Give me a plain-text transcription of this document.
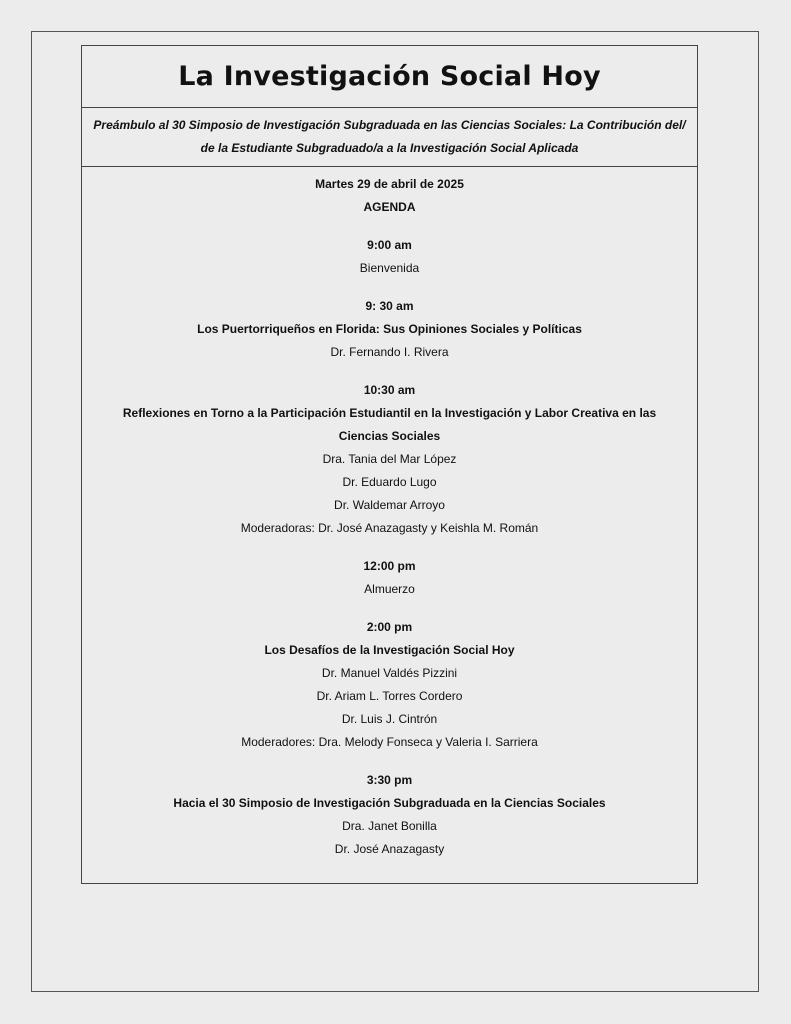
La Investigación Social Hoy

Preámbulo al 30 Simposio de Investigación Subgraduada en las Ciencias Sociales: La Contribución del/
de la Estudiante Subgraduado/a a la Investigación Social Aplicada

Martes 29 de abril de 2025

AGENDA

9:00 am

Bienvenida

9: 30 am

Los Puertorriqueños en Florida: Sus Opiniones Sociales y Políticas

Dr. Fernando I. Rivera

10:30 am

Reflexiones en Torno a la Participación Estudiantil en la Investigación y Labor Creativa en las

Ciencias Sociales

Dra. Tania del Mar López

Dr. Eduardo Lugo

Dr. Waldemar Arroyo

Moderadoras: Dr. José Anazagasty y Keishla M. Román

12:00 pm

Almuerzo

2:00 pm

Los Desafíos de la Investigación Social Hoy

Dr. Manuel Valdés Pizzini

Dr. Ariam L. Torres Cordero

Dr. Luis J. Cintrón

Moderadores: Dra. Melody Fonseca y Valeria I. Sarriera

3:30 pm

Hacia el 30 Simposio de Investigación Subgraduada en la Ciencias Sociales

Dra. Janet Bonilla

Dr. José Anazagasty
